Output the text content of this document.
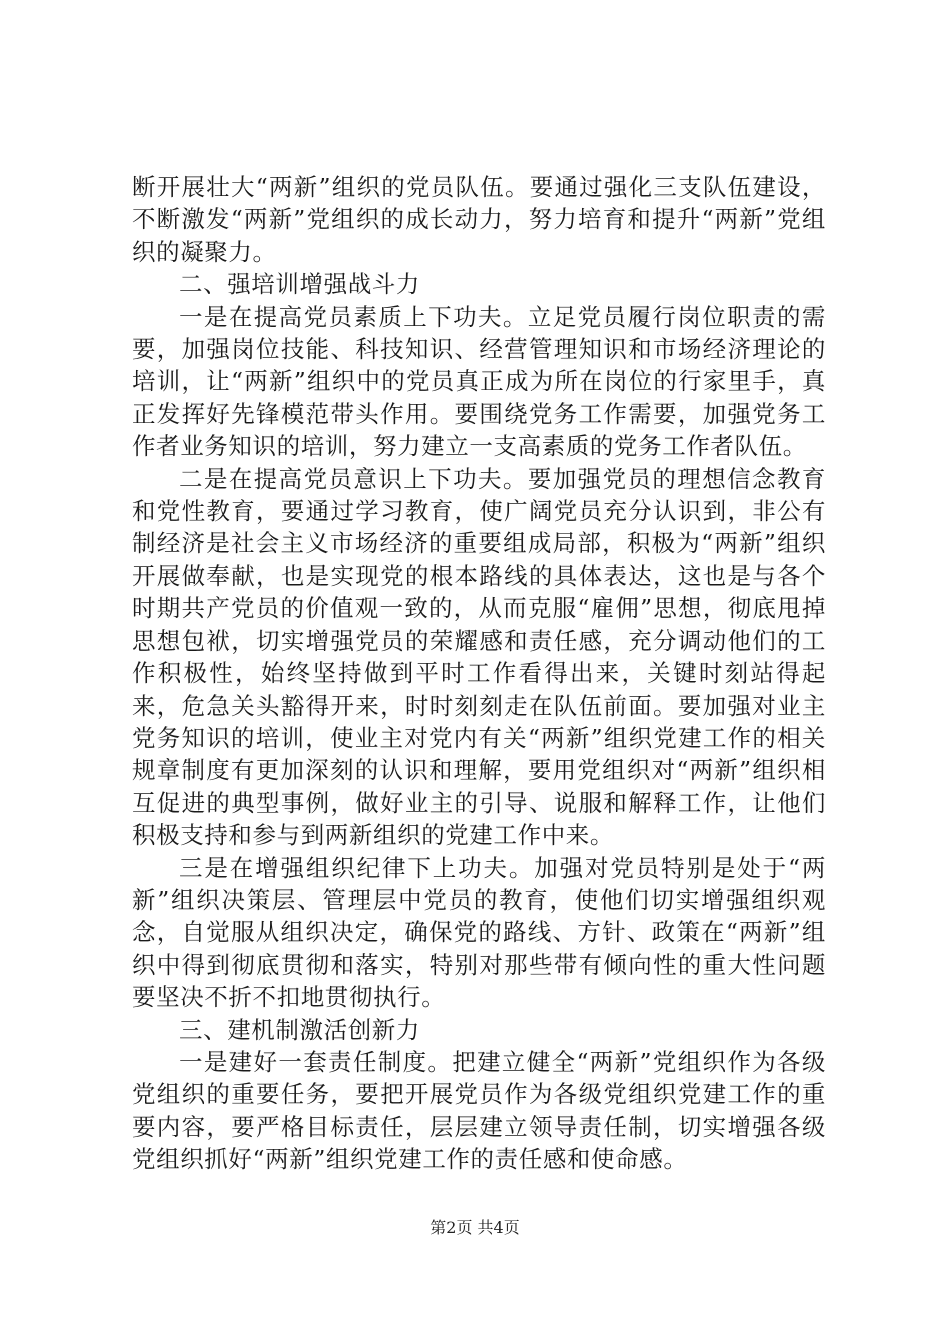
断开展壮大“两新”组织的党员队伍。要通过强化三支队伍建设，不断激发“两新”党组织的成长动力，努力培育和提升“两新”党组织的凝聚力。

二、强培训增强战斗力

一是在提高党员素质上下功夫。立足党员履行岗位职责的需要，加强岗位技能、科技知识、经营管理知识和市场经济理论的培训，让“两新”组织中的党员真正成为所在岗位的行家里手，真正发挥好先锋模范带头作用。要围绕党务工作需要，加强党务工作者业务知识的培训，努力建立一支高素质的党务工作者队伍。

二是在提高党员意识上下功夫。要加强党员的理想信念教育和党性教育，要通过学习教育，使广阔党员充分认识到，非公有制经济是社会主义市场经济的重要组成局部，积极为“两新”组织开展做奉献，也是实现党的根本路线的具体表达，这也是与各个时期共产党员的价值观一致的，从而克服“雇佣”思想，彻底甩掉思想包袱，切实增强党员的荣耀感和责任感，充分调动他们的工作积极性，始终坚持做到平时工作看得出来，关键时刻站得起来，危急关头豁得开来，时时刻刻走在队伍前面。要加强对业主党务知识的培训，使业主对党内有关“两新”组织党建工作的相关规章制度有更加深刻的认识和理解，要用党组织对“两新”组织相互促进的典型事例，做好业主的引导、说服和解释工作，让他们积极支持和参与到两新组织的党建工作中来。

三是在增强组织纪律下上功夫。加强对党员特别是处于“两新”组织决策层、管理层中党员的教育，使他们切实增强组织观念，自觉服从组织决定，确保党的路线、方针、政策在“两新”组织中得到彻底贯彻和落实，特别对那些带有倾向性的重大性问题要坚决不折不扣地贯彻执行。

三、建机制激活创新力

一是建好一套责任制度。把建立健全“两新”党组织作为各级党组织的重要任务，要把开展党员作为各级党组织党建工作的重要内容，要严格目标责任，层层建立领导责任制，切实增强各级党组织抓好“两新”组织党建工作的责任感和使命感。

第2页 共4页
